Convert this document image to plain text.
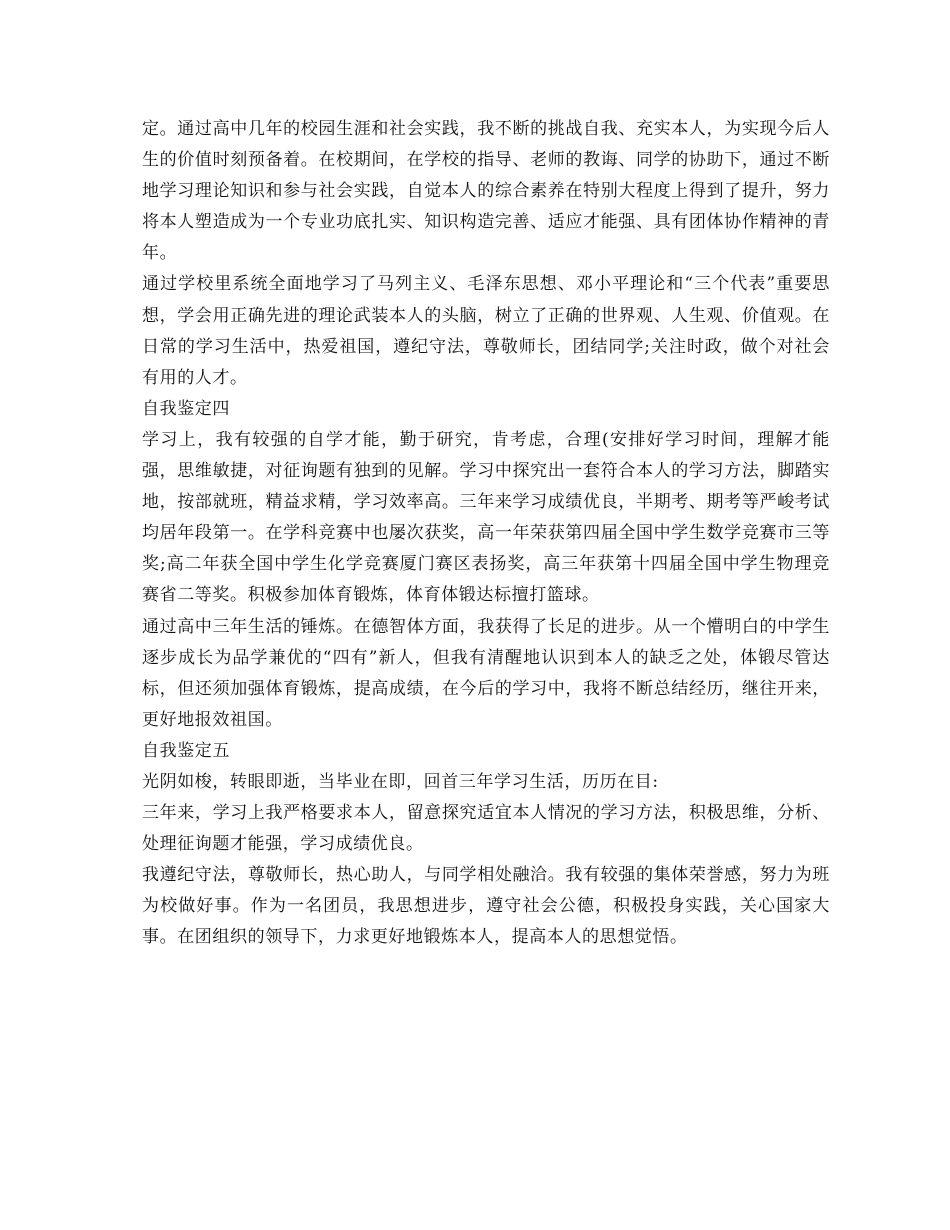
定。通过高中几年的校园生涯和社会实践，我不断的挑战自我、充实本人，为实现今后人生的价值时刻预备着。在校期间，在学校的指导、老师的教诲、同学的协助下，通过不断地学习理论知识和参与社会实践，自觉本人的综合素养在特别大程度上得到了提升，努力将本人塑造成为一个专业功底扎实、知识构造完善、适应才能强、具有团体协作精神的青年。

通过学校里系统全面地学习了马列主义、毛泽东思想、邓小平理论和“三个代表”重要思想，学会用正确先进的理论武装本人的头脑，树立了正确的世界观、人生观、价值观。在日常的学习生活中，热爱祖国，遵纪守法，尊敬师长，团结同学;关注时政，做个对社会有用的人才。

自我鉴定四

学习上，我有较强的自学才能，勤于研究，肯考虑，合理(安排好学习时间，理解才能强，思维敏捷，对征询题有独到的见解。学习中探究出一套符合本人的学习方法，脚踏实地，按部就班，精益求精，学习效率高。三年来学习成绩优良，半期考、期考等严峻考试均居年段第一。在学科竞赛中也屡次获奖，高一年荣获第四届全国中学生数学竞赛市三等奖;高二年获全国中学生化学竞赛厦门赛区表扬奖，高三年获第十四届全国中学生物理竞赛省二等奖。积极参加体育锻炼，体育体锻达标擅打篮球。

通过高中三年生活的锤炼。在德智体方面，我获得了长足的进步。从一个懵明白的中学生逐步成长为品学兼优的“四有”新人，但我有清醒地认识到本人的缺乏之处，体锻尽管达标，但还须加强体育锻炼，提高成绩，在今后的学习中，我将不断总结经历，继往开来，更好地报效祖国。

自我鉴定五

光阴如梭，转眼即逝，当毕业在即，回首三年学习生活，历历在目:

三年来，学习上我严格要求本人，留意探究适宜本人情况的学习方法，积极思维，分析、处理征询题才能强，学习成绩优良。

我遵纪守法，尊敬师长，热心助人，与同学相处融洽。我有较强的集体荣誉感，努力为班为校做好事。作为一名团员，我思想进步，遵守社会公德，积极投身实践，关心国家大事。在团组织的领导下，力求更好地锻炼本人，提高本人的思想觉悟。
